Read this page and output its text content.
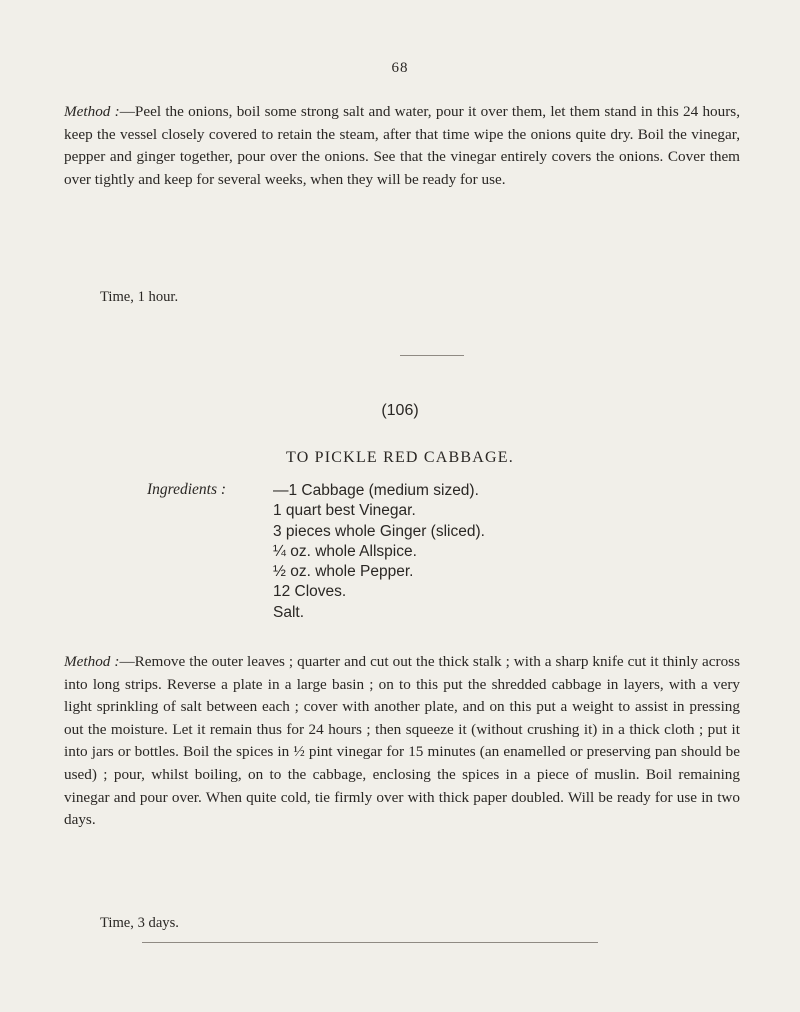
68

Method :—Peel the onions, boil some strong salt and water, pour it over them, let them stand in this 24 hours, keep the vessel closely covered to retain the steam, after that time wipe the onions quite dry. Boil the vinegar, pepper and ginger together, pour over the onions. See that the vinegar entirely covers the onions. Cover them over tightly and keep for several weeks, when they will be ready for use.

Time, 1 hour.
(106)
TO PICKLE RED CABBAGE.
Ingredients :	—1 Cabbage (medium sized).
1 quart best Vinegar.
3 pieces whole Ginger (sliced).
¼ oz. whole Allspice.
½ oz. whole Pepper.
12 Cloves.
Salt.

Method :—Remove the outer leaves ; quarter and cut out the thick stalk ; with a sharp knife cut it thinly across into long strips. Reverse a plate in a large basin ; on to this put the shredded cabbage in layers, with a very light sprinkling of salt between each ; cover with another plate, and on this put a weight to assist in pressing out the moisture. Let it remain thus for 24 hours ; then squeeze it (without crushing it) in a thick cloth ; put it into jars or bottles. Boil the spices in ½ pint vinegar for 15 minutes (an enamelled or preserving pan should be used) ; pour, whilst boiling, on to the cabbage, enclosing the spices in a piece of muslin. Boil remaining vinegar and pour over. When quite cold, tie firmly over with thick paper doubled. Will be ready for use in two days.

Time, 3 days.
